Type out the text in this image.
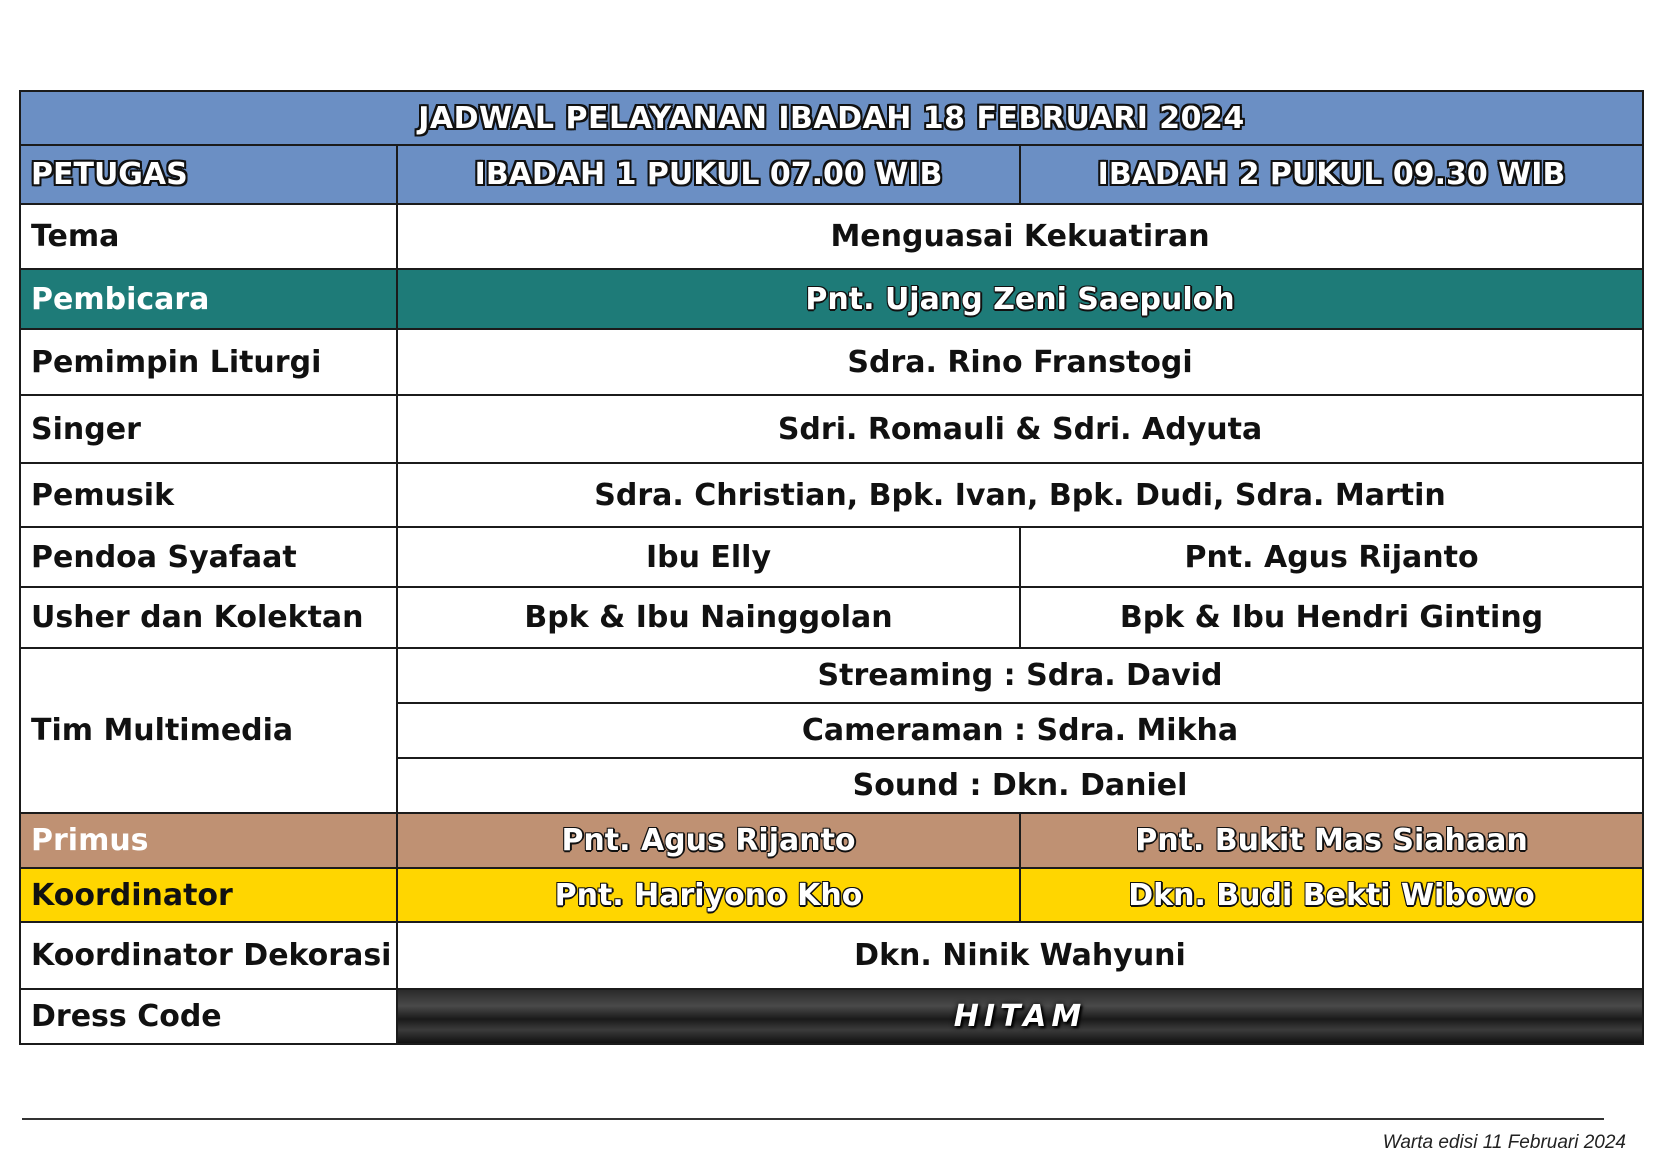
JADWAL PELAYANAN IBADAH 18 FEBRUARI 2024		
PETUGAS	IBADAH 1 PUKUL 07.00 WIB	IBADAH 2 PUKUL 09.30 WIB
Tema	Menguasai Kekuatiran	
Pembicara	Pnt. Ujang Zeni Saepuloh	
Pemimpin Liturgi	Sdra. Rino Franstogi	
Singer	Sdri. Romauli & Sdri. Adyuta	
Pemusik	Sdra. Christian, Bpk. Ivan, Bpk. Dudi, Sdra. Martin	
Pendoa Syafaat	Ibu Elly	Pnt. Agus Rijanto
Usher dan Kolektan	Bpk & Ibu Nainggolan	Bpk & Ibu Hendri Ginting
Tim Multimedia	Streaming : Sdra. David	
	Cameraman : Sdra. Mikha	
	Sound : Dkn. Daniel	
Primus	Pnt. Agus Rijanto	Pnt. Bukit Mas Siahaan
Koordinator	Pnt. Hariyono Kho	Dkn. Budi Bekti Wibowo
Koordinator Dekorasi	Dkn. Ninik Wahyuni	
Dress Code	HITAM	
Warta edisi 11 Februari 2024
